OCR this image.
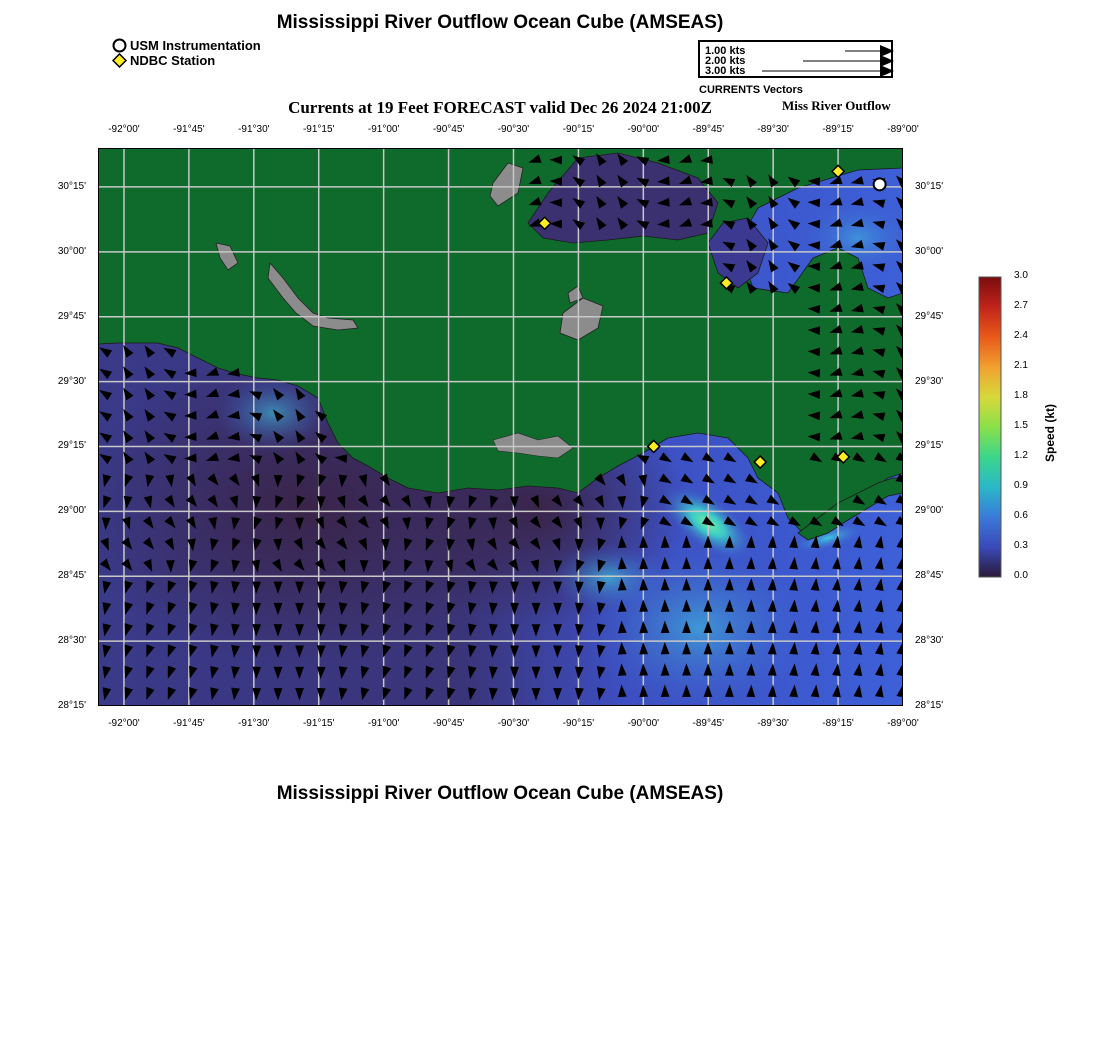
Mississippi River Outflow Ocean Cube (AMSEAS)
USM Instrumentation
NDBC Station
1.00 kts
2.00 kts
3.00 kts
CURRENTS Vectors
Currents at 19 Feet FORECAST valid Dec 26 2024 21:00Z	Miss River Outflow
-92°00'	-91°45'	-91°30'	-91°15'	-91°00'	-90°45'	-90°30'	-90°15'	-90°00'	-89°45'	-89°30'	-89°15'	-89°00'
-92°00'	-91°45'	-91°30'	-91°15'	-91°00'	-90°45'	-90°30'	-90°15'	-90°00'	-89°45'	-89°30'	-89°15'	-89°00'
30°15'
30°00'
29°45'
29°30'
29°15'
29°00'
28°45'
28°30'
28°15'
30°15'
30°00'
29°45'
29°30'
29°15'
29°00'
28°45'
28°30'
28°15'
3.0
2.7
2.4
2.1
1.8
1.5
1.2
0.9
0.6
0.3
0.0
Speed (kt)
Mississippi River Outflow Ocean Cube (AMSEAS)
